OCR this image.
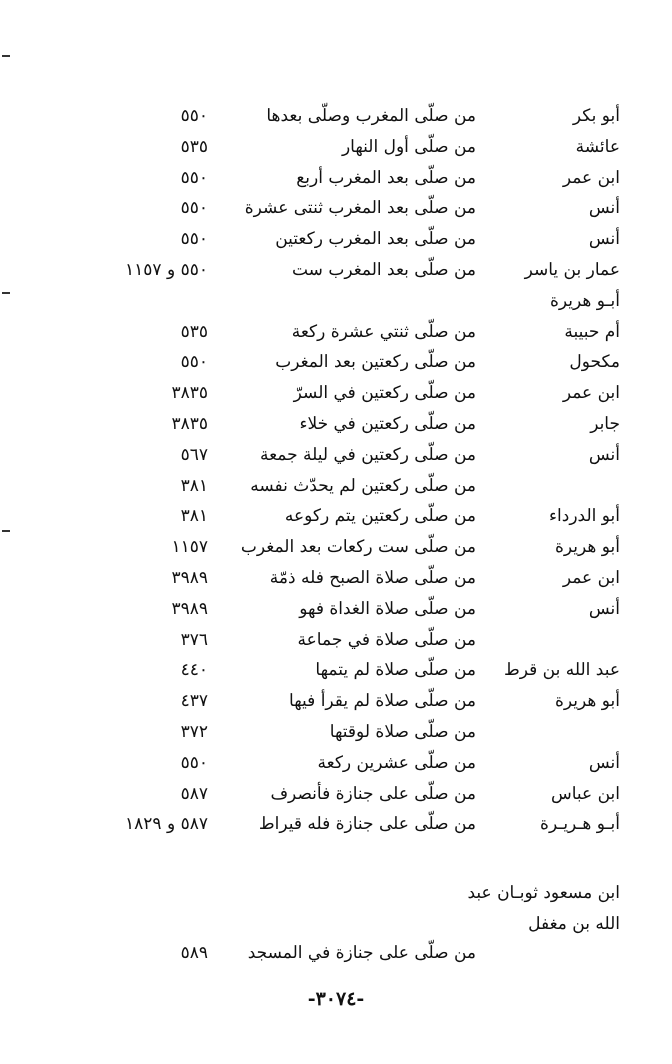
أبو بكر
من صلّى المغرب وصلّى بعدها
٥٥٠
عائشة
من صلّى أول النهار
٥٣٥
ابن عمر
من صلّى بعد المغرب أربع
٥٥٠
أنس
من صلّى بعد المغرب ثنتى عشرة
٥٥٠
أنس
من صلّى بعد المغرب ركعتين
٥٥٠
عمار بن ياسر
من صلّى بعد المغرب ست
٥٥٠ و ١١٥٧
أبـو هريرة
أم حبيبة
من صلّى ثنتي عشرة ركعة
٥٣٥
مكحول
من صلّى ركعتين بعد المغرب
٥٥٠
ابن عمر
من صلّى ركعتين في السرّ
٣٨٣٥
جابر
من صلّى ركعتين في خلاء
٣٨٣٥
أنس
من صلّى ركعتين في ليلة جمعة
٥٦٧
من صلّى ركعتين لم يحدّث نفسه
٣٨١
أبو الدرداء
من صلّى ركعتين يتم ركوعه
٣٨١
أبو هريرة
من صلّى ست ركعات بعد المغرب
١١٥٧
ابن عمر
من صلّى صلاة الصبح فله ذمّة
٣٩٨٩
أنس
من صلّى صلاة الغداة فهو
٣٩٨٩
من صلّى صلاة في جماعة
٣٧٦
عبد الله بن قرط
من صلّى صلاة لم يتمها
٤٤٠
أبو هريرة
من صلّى صلاة لم يقرأ فيها
٤٣٧
من صلّى صلاة لوقتها
٣٧٢
أنس
من صلّى عشرين ركعة
٥٥٠
ابن عباس
من صلّى على جنازة فأنصرف
٥٨٧
أبـو هـريـرة
من صلّى على جنازة فله قيراط
٥٨٧ و ١٨٢٩
ابن مسعود ثوبـان عبد
الله بن مغفل
من صلّى على جنازة في المسجد
٥٨٩
-٣٠٧٤-
